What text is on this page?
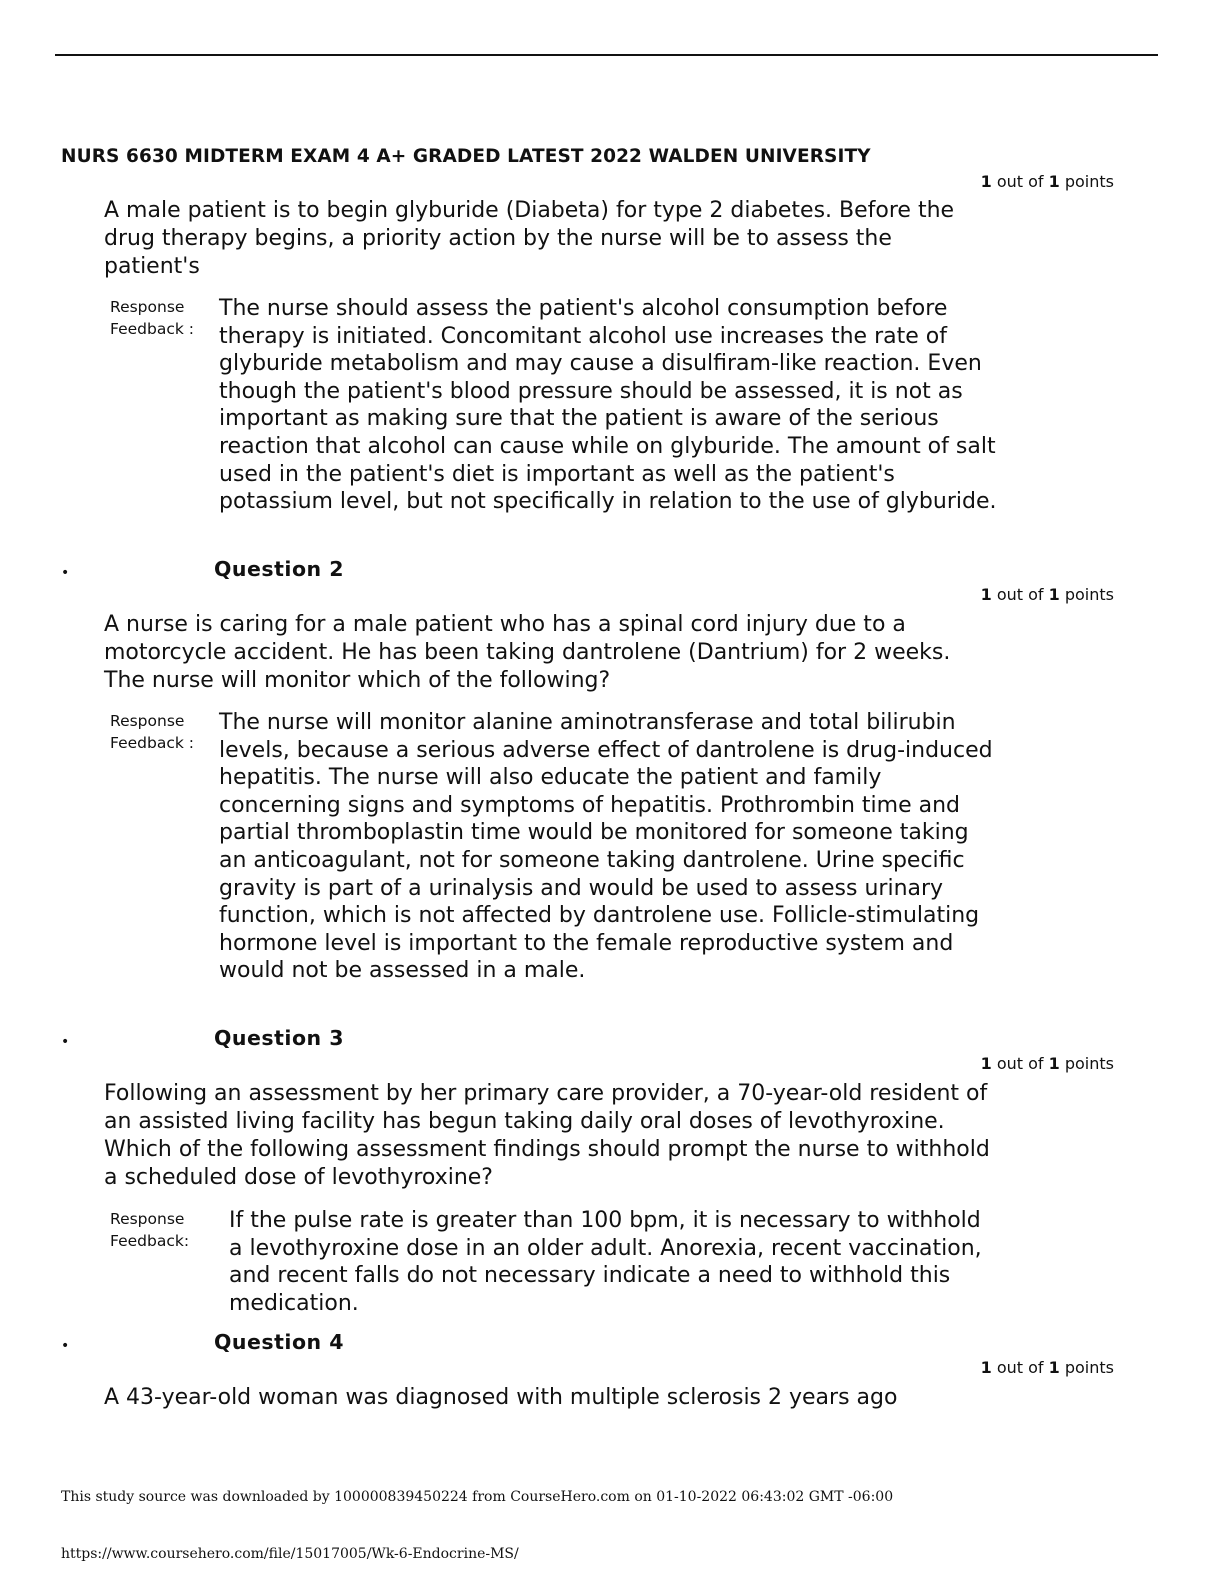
NURS 6630 MIDTERM EXAM 4 A+ GRADED LATEST 2022 WALDEN UNIVERSITY
1 out of 1 points
A male patient is to begin glyburide (Diabeta) for type 2 diabetes. Before the drug therapy begins, a priority action by the nurse will be to assess the patient's
Response Feedback :
The nurse should assess the patient's alcohol consumption before therapy is initiated. Concomitant alcohol use increases the rate of glyburide metabolism and may cause a disulfiram-like reaction. Even though the patient's blood pressure should be assessed, it is not as important as making sure that the patient is aware of the serious reaction that alcohol can cause while on glyburide. The amount of salt used in the patient's diet is important as well as the patient's potassium level, but not specifically in relation to the use of glyburide.
•	Question 2
1 out of 1 points
A nurse is caring for a male patient who has a spinal cord injury due to a motorcycle accident. He has been taking dantrolene (Dantrium) for 2 weeks. The nurse will monitor which of the following?
Response Feedback :
The nurse will monitor alanine aminotransferase and total bilirubin levels, because a serious adverse effect of dantrolene is drug-induced hepatitis. The nurse will also educate the patient and family concerning signs and symptoms of hepatitis. Prothrombin time and partial thromboplastin time would be monitored for someone taking an anticoagulant, not for someone taking dantrolene. Urine specific gravity is part of a urinalysis and would be used to assess urinary function, which is not affected by dantrolene use. Follicle-stimulating hormone level is important to the female reproductive system and would not be assessed in a male.
•	Question 3
1 out of 1 points
Following an assessment by her primary care provider, a 70-year-old resident of an assisted living facility has begun taking daily oral doses of levothyroxine. Which of the following assessment findings should prompt the nurse to withhold a scheduled dose of levothyroxine?
Response Feedback:
If the pulse rate is greater than 100 bpm, it is necessary to withhold a levothyroxine dose in an older adult. Anorexia, recent vaccination, and recent falls do not necessary indicate a need to withhold this medication.
•	Question 4
1 out of 1 points
A 43-year-old woman was diagnosed with multiple sclerosis 2 years ago
This study source was downloaded by 100000839450224 from CourseHero.com on 01-10-2022 06:43:02 GMT -06:00
https://www.coursehero.com/file/15017005/Wk-6-Endocrine-MS/
